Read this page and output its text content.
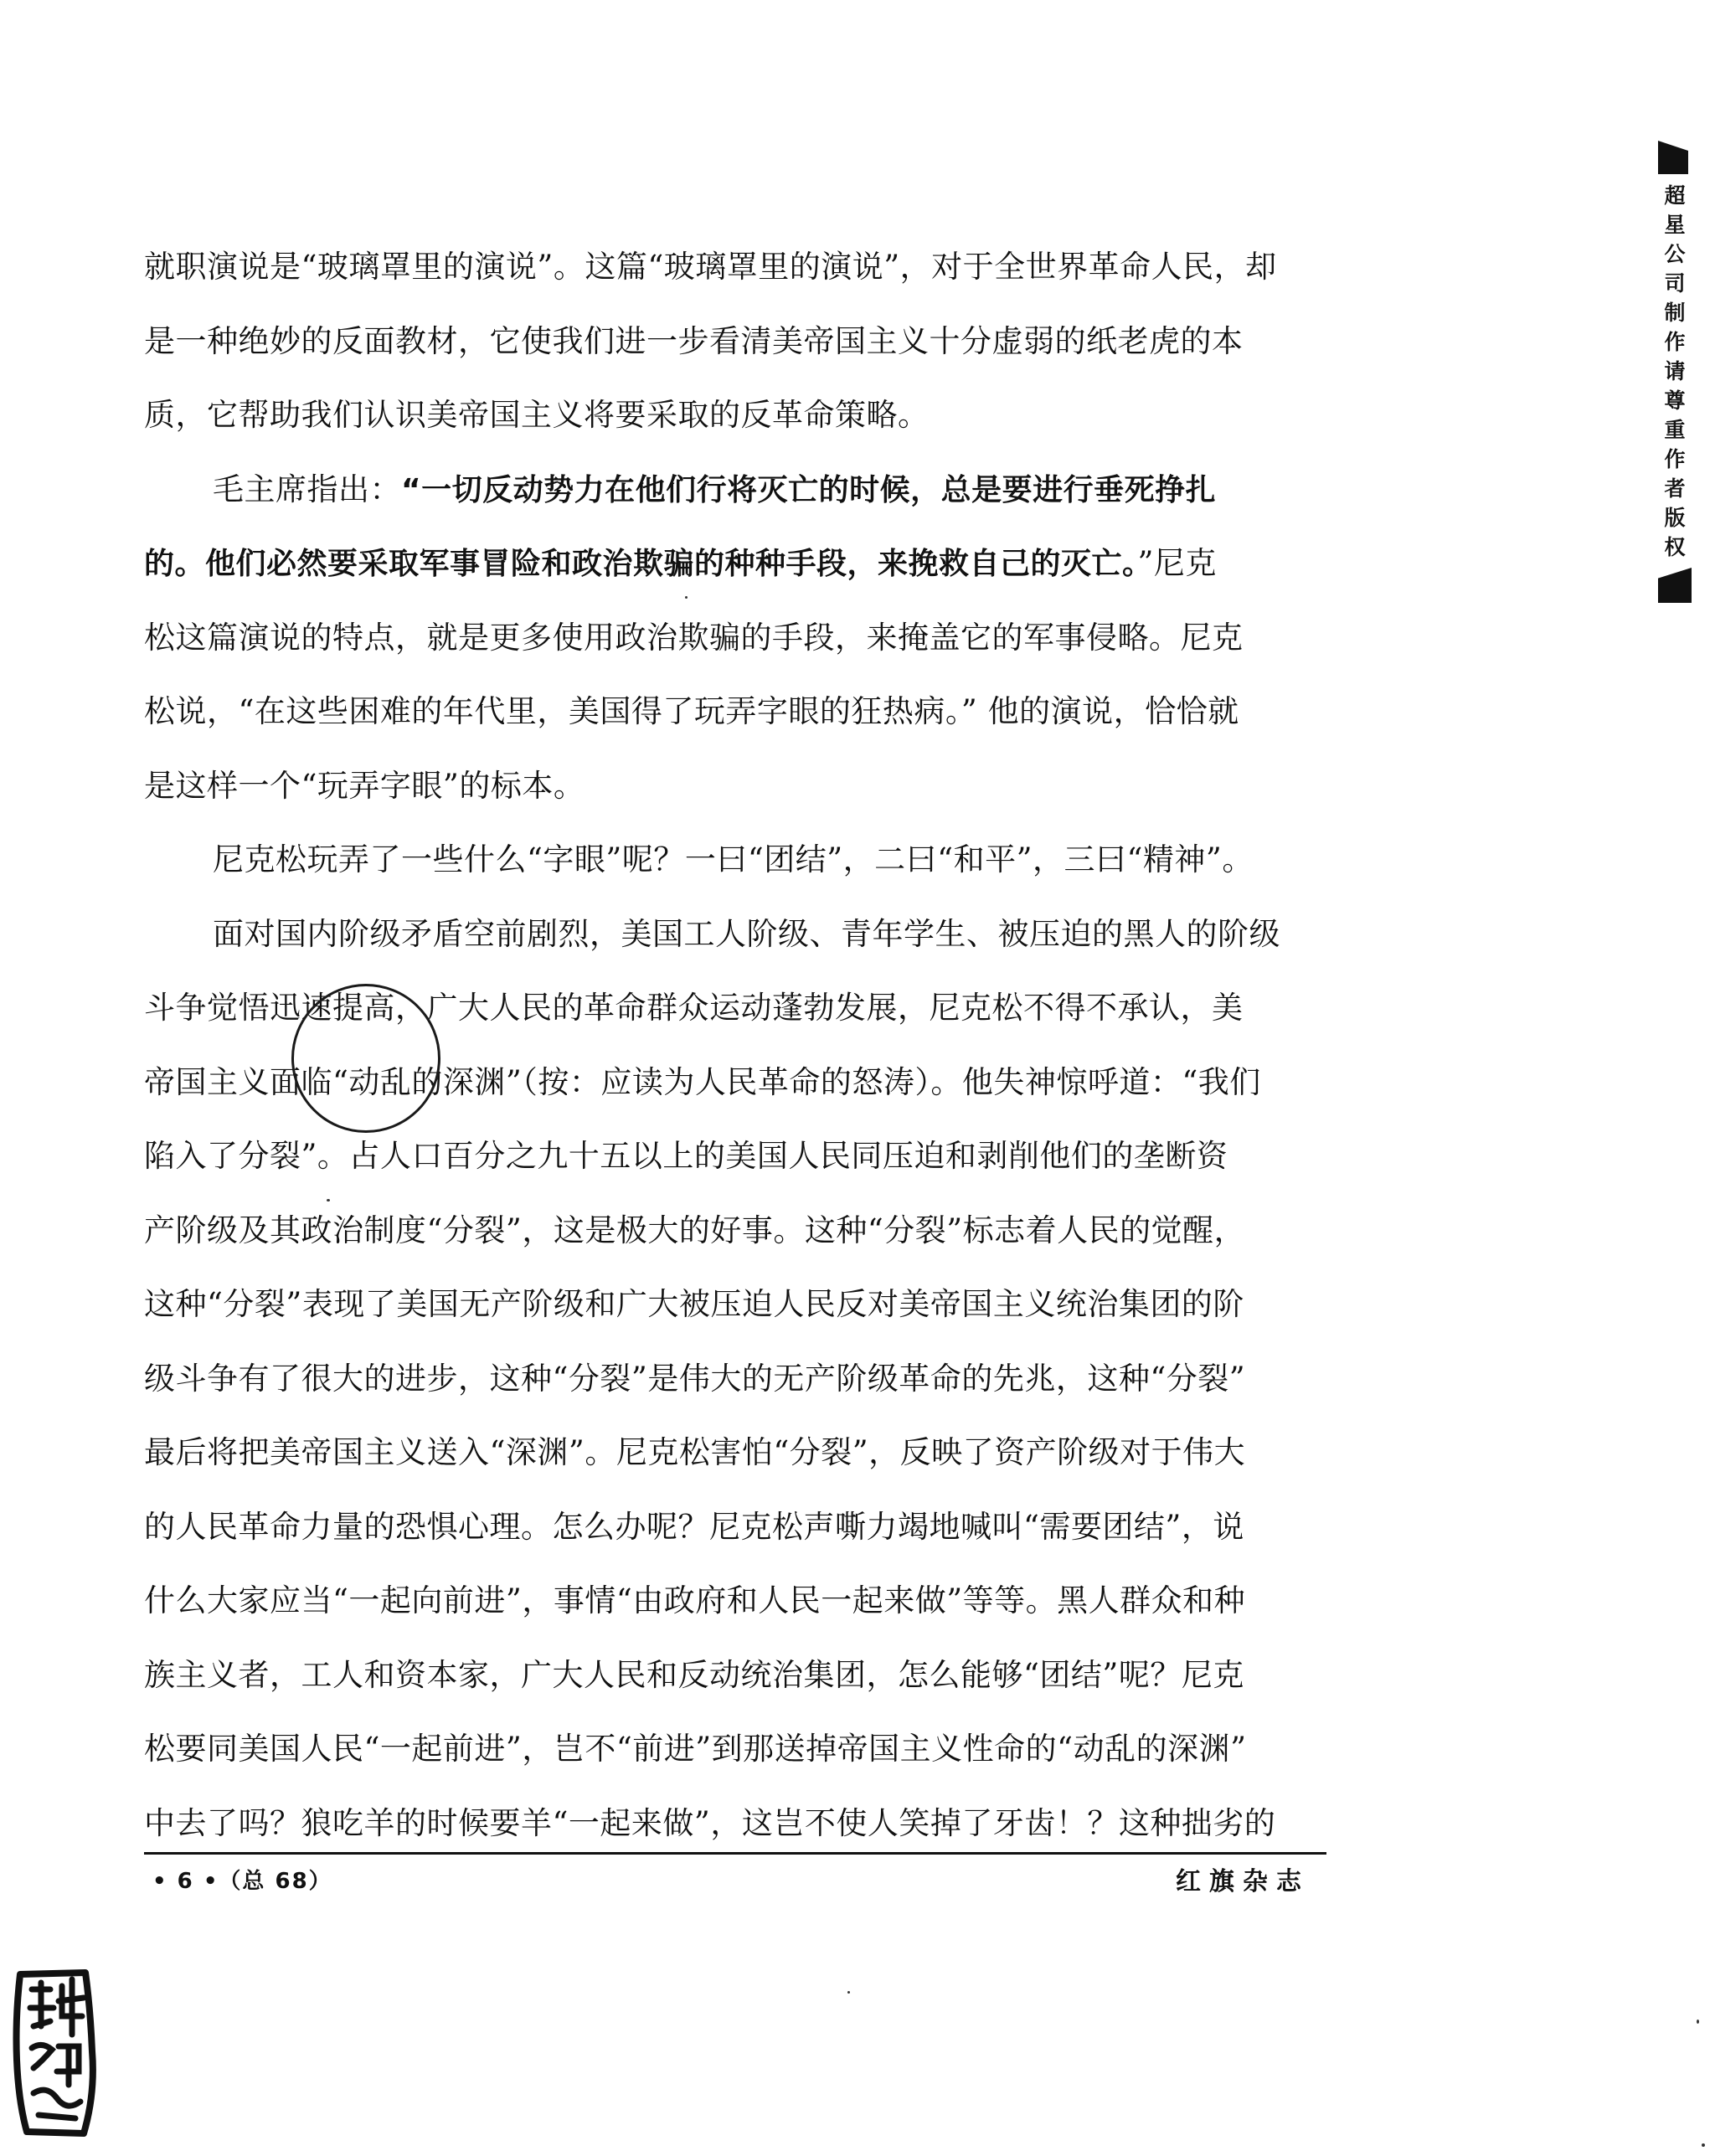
就职演说是“玻璃罩里的演说”。这篇“玻璃罩里的演说”，对于全世界革命人民，却
是一种绝妙的反面教材，它使我们进一步看清美帝国主义十分虚弱的纸老虎的本
质，它帮助我们认识美帝国主义将要采取的反革命策略。
毛主席指出：“一切反动势力在他们行将灭亡的时候，总是要进行垂死挣扎
的。他们必然要采取军事冒险和政治欺骗的种种手段，来挽救自己的灭亡。”尼克
松这篇演说的特点，就是更多使用政治欺骗的手段，来掩盖它的军事侵略。尼克
松说，“在这些困难的年代里，美国得了玩弄字眼的狂热病。” 他的演说，恰恰就
是这样一个“玩弄字眼”的标本。
尼克松玩弄了一些什么“字眼”呢？一曰“团结”，二曰“和平”，三曰“精神”。
面对国内阶级矛盾空前剧烈，美国工人阶级、青年学生、被压迫的黑人的阶级
斗争觉悟迅速提高，广大人民的革命群众运动蓬勃发展，尼克松不得不承认，美
帝国主义面临“动乱的深渊”（按：应读为人民革命的怒涛）。他失神惊呼道：“我们
陷入了分裂”。占人口百分之九十五以上的美国人民同压迫和剥削他们的垄断资
产阶级及其政治制度“分裂”，这是极大的好事。这种“分裂”标志着人民的觉醒，
这种“分裂”表现了美国无产阶级和广大被压迫人民反对美帝国主义统治集团的阶
级斗争有了很大的进步，这种“分裂”是伟大的无产阶级革命的先兆，这种“分裂”
最后将把美帝国主义送入“深渊”。尼克松害怕“分裂”，反映了资产阶级对于伟大
的人民革命力量的恐惧心理。怎么办呢？尼克松声嘶力竭地喊叫“需要团结”，说
什么大家应当“一起向前进”，事情“由政府和人民一起来做”等等。黑人群众和种
族主义者，工人和资本家，广大人民和反动统治集团，怎么能够“团结”呢？尼克
松要同美国人民“一起前进”，岂不“前进”到那送掉帝国主义性命的“动乱的深渊”
中去了吗？狼吃羊的时候要羊“一起来做”，这岂不使人笑掉了牙齿！？这种拙劣的
• 6 •（总 68）	红旗杂志
超星公司制作请尊重作者版权
